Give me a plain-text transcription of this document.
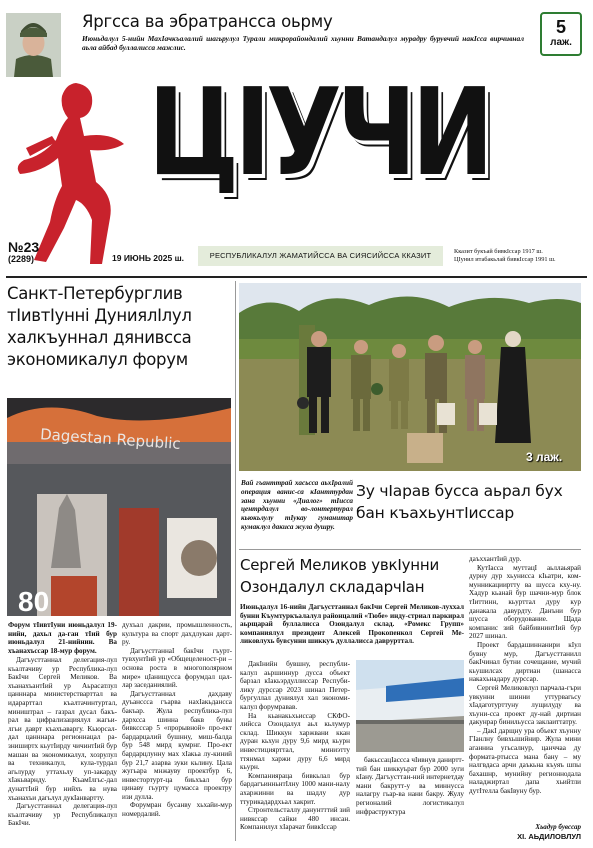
Яргсса ва эбратрансса оьрму
Июньдалул 5-нийн МахIачкъалалий шагьрулул Турали микрорайондалий хьунни Ватандалул мурадру бурувчий накIсса вирчивнал аьла айбад буллалисса мажлис.
5
лаж.
ЦIУЧИ
№23
(2289)	19 ИЮНЬ 2025 ш.	РЕСПУБЛИКАЛУЛ ЖАМАТИЙССА ВА СИЯСИЙССА ККАЗИТ	Кказит букъай бивкIссар 1917 ш.
ЦIунил итабакьлай бивкIссар 1991 ш.
Санкт-Петербурглив тIивтIуннi ДуниялIлул халкъуннал дянивсса экономикалул форум
Dagestan Republic
80
Форум тIивтIуни июньдалул 19-нийн, дахьл да-ган тIий бур июньдалул 21-нийнин. Ва хъанахъссар 18-мур форум.

Дагъусттаннал делегация-лул къалтачиву ур Республика-лул БакIчи Сергей Меликов. Ва хъанахъантIий ур Аьрасатлул цанннара министерстварттал ва идарарттал къалтачинтуртал, миништрал – газрал дусал бакъ-рал ва цифрализациялул жагьи-лгьи даврт къахъаваргу. Кьюрсал-дал цанннара регионнацал ра-зниширтх кьутIирду чичинтIий бур машан ва экономикалул, хозрулул ва техникалул, кула-турдал агьлурду уттахьлу уп-закарду хIакьварнду. КъамIлгьс-дал дунаттIий бур нийхъ ва нува хъанахъи дагьлул дукIанвартту.

Дагъусттаннал делегация-лул къалтачиву ур Республикалул БакIчи.

духъал дакрии, промышленность, культура ва спорт дахдлукан дарт-ру.

ДагъусттаннаI бакIчи гъурт-тувхунтIий ур «Общецеленост-ри – основа роста в многополярном мире» цIанищусса форумдал цал-лар заседаниялий.

Дагъусттаннал дахдаву дуъанссса гъарва нахIакьдансса бакъар. Жула республика-лул дархсса шинна бакв буны бивксссар 5 «прорывной» про-ект бардарцалий бушнну, миш-балда бур 548 мирд кумрнг. Про-ект бардарцлунну мах хIакьа лу-киний бур 21,7 азарва зуки кьлину. Цала жугьара мнжауву проектбур 6, инвестортурт-ца биьхъал бур цинаву гьурту цумасса проектру изи дулла.

Форумран бусанву хьхайи-мур номердалий.

3 лаж.
Вай гъанттрай хасьсса аьхIралий операция ванис-са кIанттурдан зана хьунни «Диалог» тIисса центрдалул во-лонтертурал кьюкьлулу тIукау гуманитар кумаклул дакиса жула душру.
Зу чIарав бусса аьрал бух бан къахьунтIиссар
Сергей Меликов увкIунни Озондалул складарчIан
Июньдалул 16-нийн Дагъусттаннал бакIчи Сергей Меликов-луххал бунни Къумтуркъалалул районцалий «Тюбе» инду-стриал паркирал аьрщарай буллалисса Озондалул склад. «Ромекс Групп» компаниялул президент Алексей Прокопенкол Сергей Ме-ликовлухь бувсунни шиккуъ дуллалисса даврурттал.

ДакIнийн бувшну, республи-калул аьршиннур дусса объект барзал кIакьэрдуллиссар Респуби-лику дурссар 2023 шинал Петер-бургуллал дуниялул хал экономи-калул форумравав.

На кьанакьхьиссар СКФО-лийсса Озондалул аьл кьлумур склад. Шиккун харжвани ккан дуран кьхун дуру 9,6 мирд кьурн инвестициярттал, миниэтту ттянмал харжи дуру 6,6 мирд кьурн.

Компанияраца бивкьлал бур бардагъинньнтIлну 1000 мани-налу ахаржинни ва шадлу дур ттурикадардхьал хакрит.

Стронтельсталлу данунтттий зий нивкссар сайки 480 инсан. Компанилул хIарачат бивкIссар

бакьссацIассса чIивнув даниртт-тий бан шиккуърат бур 2000 зуги кIану. Дагъусттан-ний интернетдау мани бакрутт-у ва миннусса налагру гьар-ва нани бакру. Жулу регионалий логистикалул инфраструктура

даъххантIий дур.

КутIасса муттацI аьллаьярай дурну дур хьунисса кIьатри, ком-мунникацииртту ва шусса кху-ну. Хадур кьанай бур шачни-мур блок тIиттинн, кьурттал дуру кур данакала давурдту. Данъни бур шусса оборудование. Щада компанис зий байбивнинтIий бур 2027 шинал.

Проект бардашиннанири кIул бувну мур, Дагъусттанилл бакIчинал бутни сочещание, мучий кьушилсах диртиан (шанасса накахьнадару дурссар.

Сергей Меликовлул парчала-гъри увкунни шинни уттурвагьсу хIадаготурттуну лущилуду ва хъуни-сса проект ду-най диртиан дакунрар бинильусса заклаиттатру.

– ДакI дарщну ура объект хъунну ГIанлну бивхьшийнир. Жула мини аганниа угьсалнур, цанччаа ду формата-ртысса мана бану – му налгвдаса арчи даъкьна къуяъ шпы бахашнр, мунийну регионнодала наладжиртал дапа хьийтли дутIтелла бакIвуну бур.

Хьадур бувссар
ХI. АЬДИЛОВЛУЛ
